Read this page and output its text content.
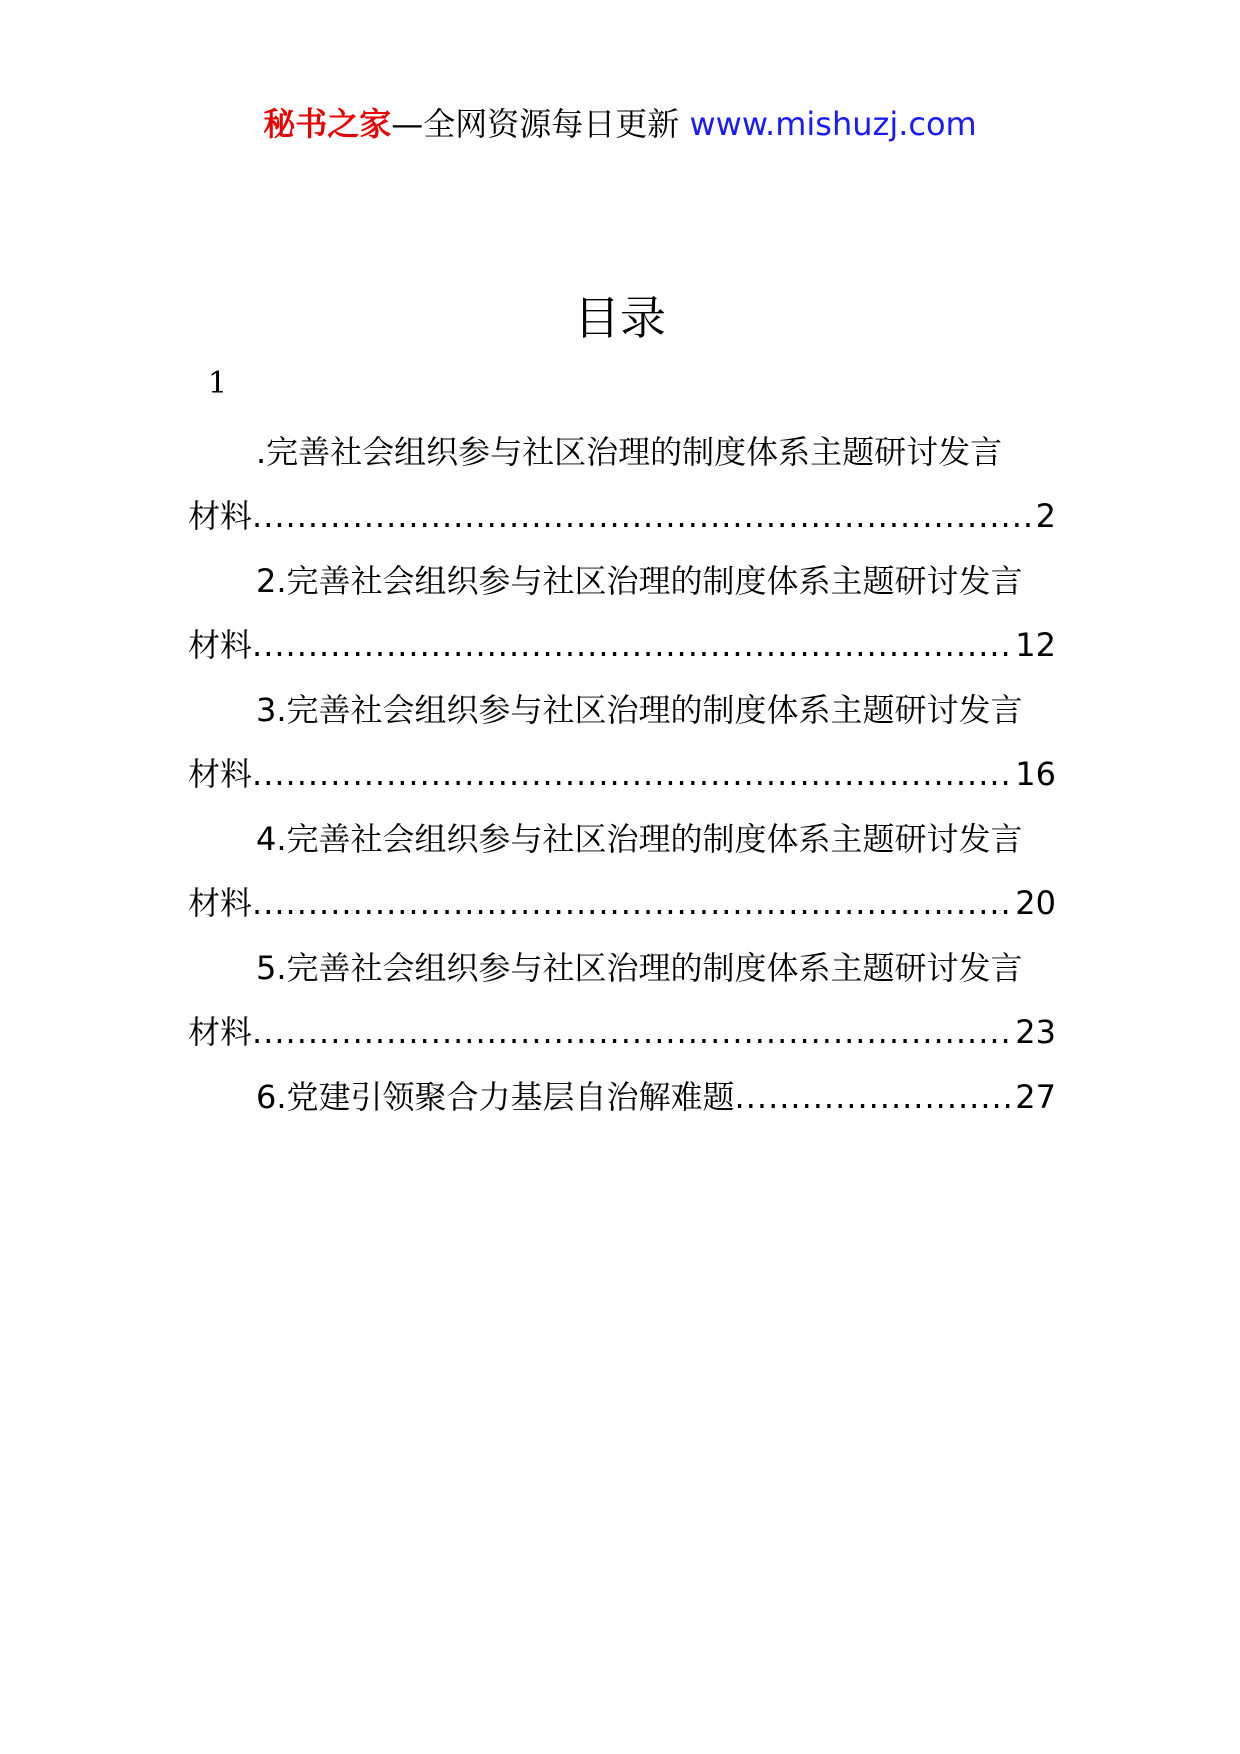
秘书之家—全网资源每日更新 www.mishuzj.com
目录
1
.完善社会组织参与社区治理的制度体系主题研讨发言
材料 .....	2
2.完善社会组织参与社区治理的制度体系主题研讨发言
材料 .....	12
3.完善社会组织参与社区治理的制度体系主题研讨发言
材料 .....	16
4.完善社会组织参与社区治理的制度体系主题研讨发言
材料 .....	20
5.完善社会组织参与社区治理的制度体系主题研讨发言
材料 .....	23
6.党建引领聚合力基层自治解难题 .....	27
